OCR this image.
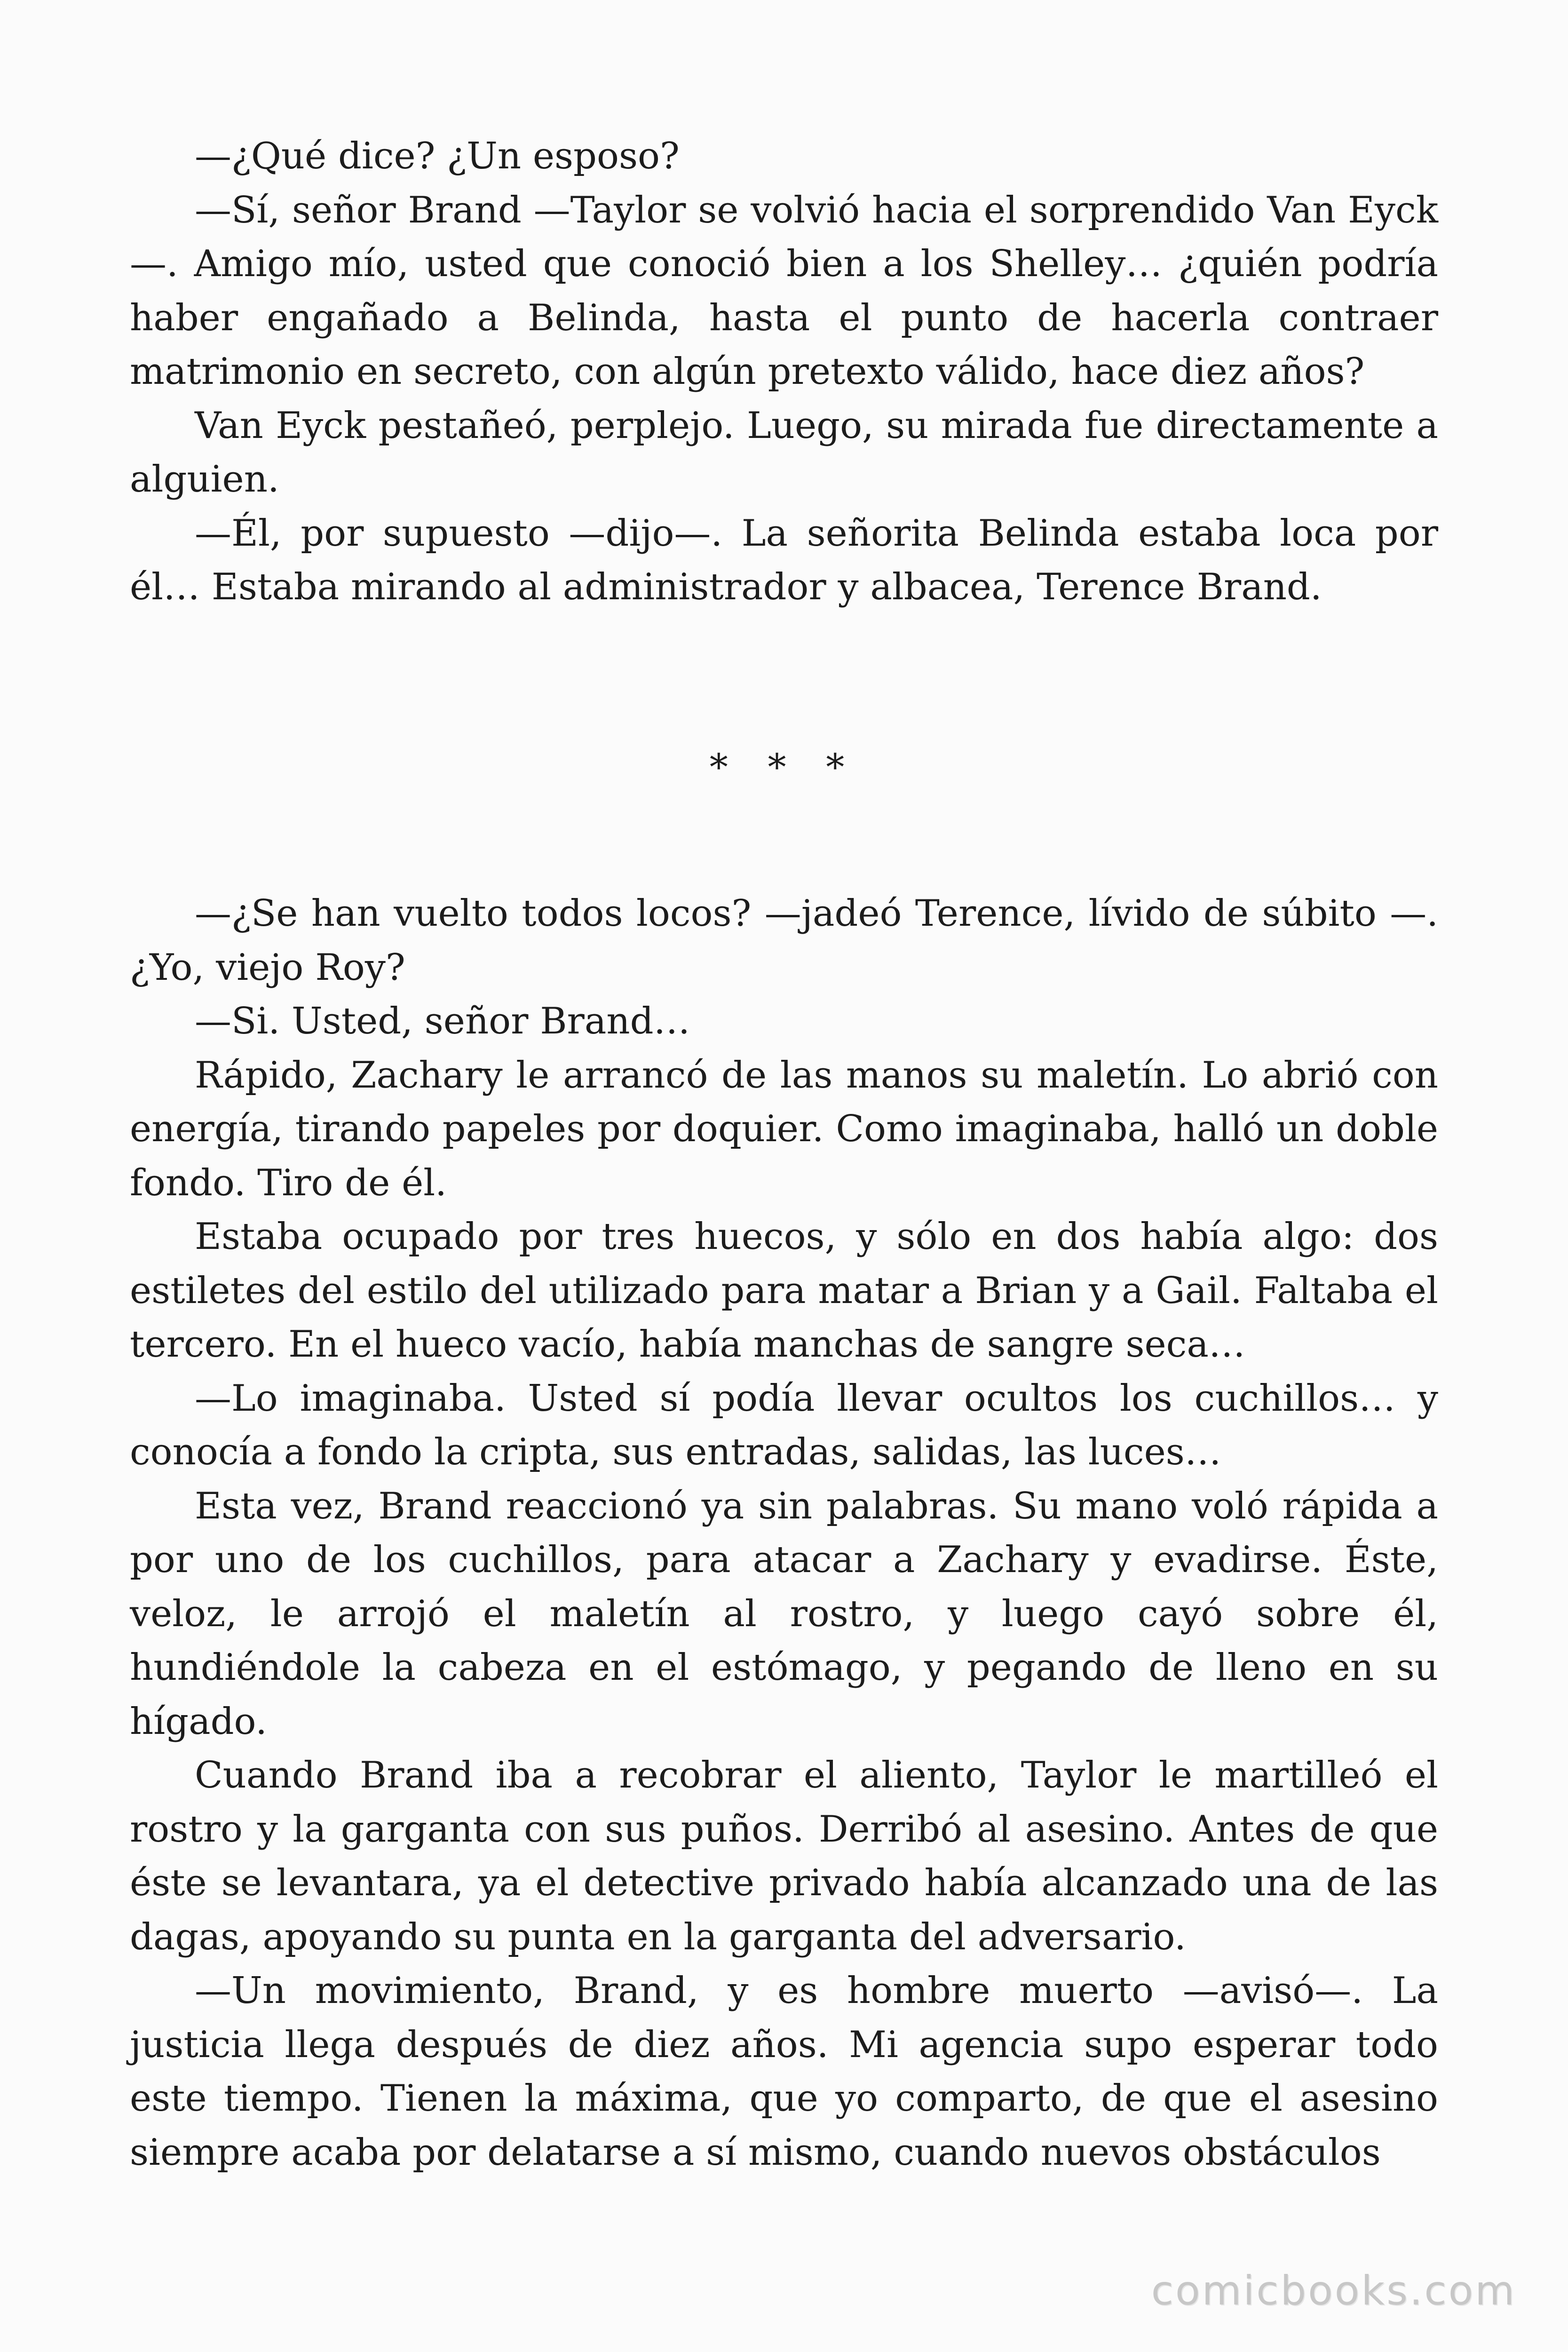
—¿Qué dice? ¿Un esposo?

—Sí, señor Brand —Taylor se volvió hacia el sorprendido Van Eyck—. Amigo mío, usted que conoció bien a los Shelley… ¿quién podría haber engañado a Belinda, hasta el punto de hacerla contraer matrimonio en secreto, con algún pretexto válido, hace diez años?

Van Eyck pestañeó, perplejo. Luego, su mirada fue directamente a alguien.

—Él, por supuesto —dijo—. La señorita Belinda estaba loca por él… Estaba mirando al administrador y albacea, Terence Brand.

* * *

—¿Se han vuelto todos locos? —jadeó Terence, lívido de súbito —. ¿Yo, viejo Roy?

—Si. Usted, señor Brand…

Rápido, Zachary le arrancó de las manos su maletín. Lo abrió con energía, tirando papeles por doquier. Como imaginaba, halló un doble fondo. Tiro de él.

Estaba ocupado por tres huecos, y sólo en dos había algo: dos estiletes del estilo del utilizado para matar a Brian y a Gail. Faltaba el tercero. En el hueco vacío, había manchas de sangre seca…

—Lo imaginaba. Usted sí podía llevar ocultos los cuchillos… y conocía a fondo la cripta, sus entradas, salidas, las luces…

Esta vez, Brand reaccionó ya sin palabras. Su mano voló rápida a por uno de los cuchillos, para atacar a Zachary y evadirse. Éste, veloz, le arrojó el maletín al rostro, y luego cayó sobre él, hundiéndole la cabeza en el estómago, y pegando de lleno en su hígado.

Cuando Brand iba a recobrar el aliento, Taylor le martilleó el rostro y la garganta con sus puños. Derribó al asesino. Antes de que éste se levantara, ya el detective privado había alcanzado una de las dagas, apoyando su punta en la garganta del adversario.

—Un movimiento, Brand, y es hombre muerto —avisó—. La justicia llega después de diez años. Mi agencia supo esperar todo este tiempo. Tienen la máxima, que yo comparto, de que el asesino siempre acaba por delatarse a sí mismo, cuando nuevos obstáculos

comicbooks.com
